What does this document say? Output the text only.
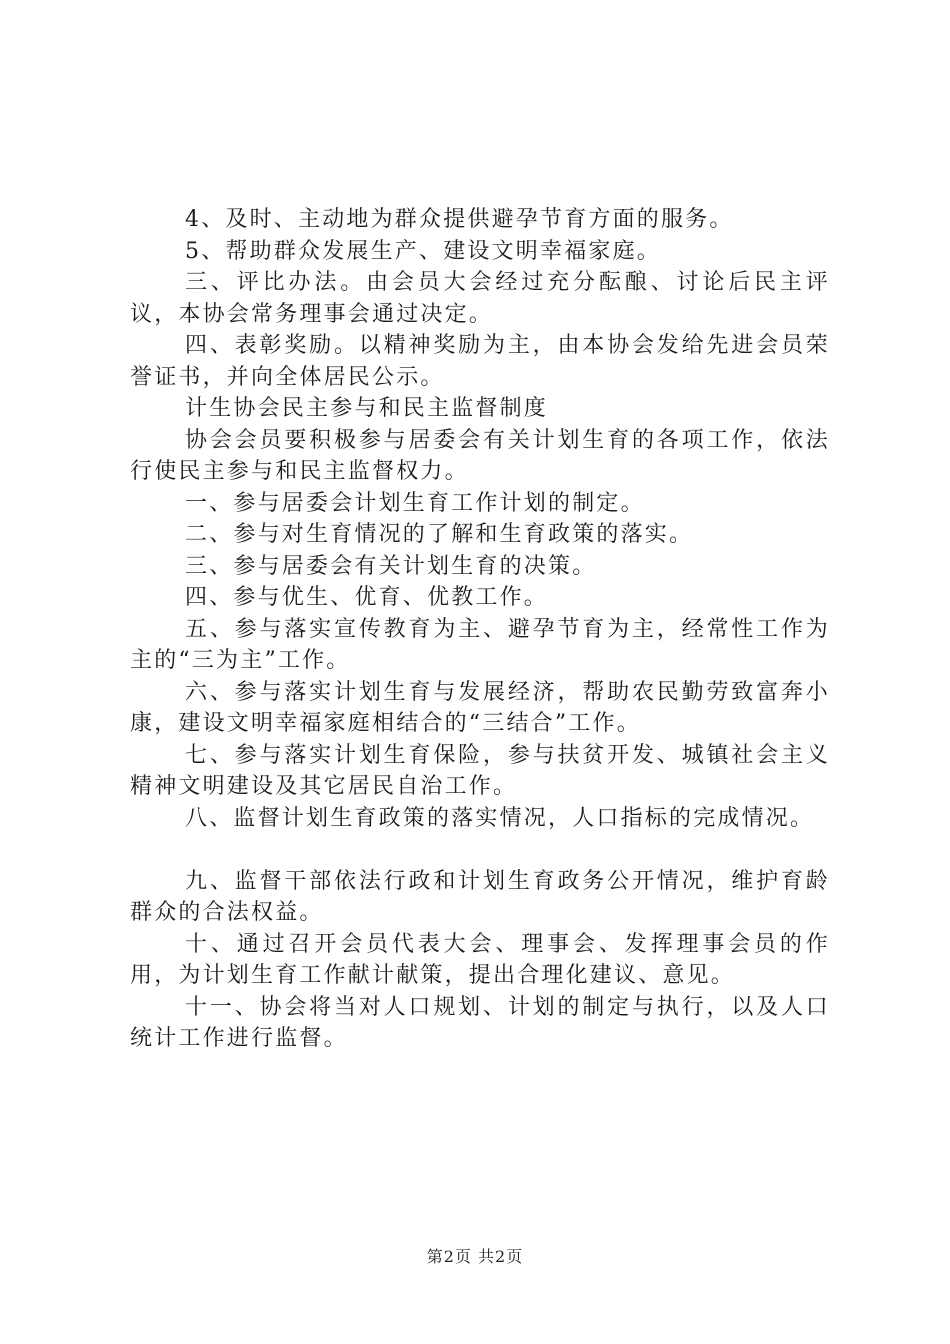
4、及时、主动地为群众提供避孕节育方面的服务。

5、帮助群众发展生产、建设文明幸福家庭。

三、评比办法。由会员大会经过充分酝酿、讨论后民主评议，本协会常务理事会通过决定。

四、表彰奖励。以精神奖励为主，由本协会发给先进会员荣誉证书，并向全体居民公示。

计生协会民主参与和民主监督制度

协会会员要积极参与居委会有关计划生育的各项工作，依法行使民主参与和民主监督权力。

一、参与居委会计划生育工作计划的制定。

二、参与对生育情况的了解和生育政策的落实。

三、参与居委会有关计划生育的决策。

四、参与优生、优育、优教工作。

五、参与落实宣传教育为主、避孕节育为主，经常性工作为主的“三为主”工作。

六、参与落实计划生育与发展经济，帮助农民勤劳致富奔小康，建设文明幸福家庭相结合的“三结合”工作。

七、参与落实计划生育保险，参与扶贫开发、城镇社会主义精神文明建设及其它居民自治工作。

八、监督计划生育政策的落实情况，人口指标的完成情况。

九、监督干部依法行政和计划生育政务公开情况，维护育龄群众的合法权益。

十、通过召开会员代表大会、理事会、发挥理事会员的作用，为计划生育工作献计献策，提出合理化建议、意见。

十一、协会将当对人口规划、计划的制定与执行，以及人口统计工作进行监督。

第2页 共2页
